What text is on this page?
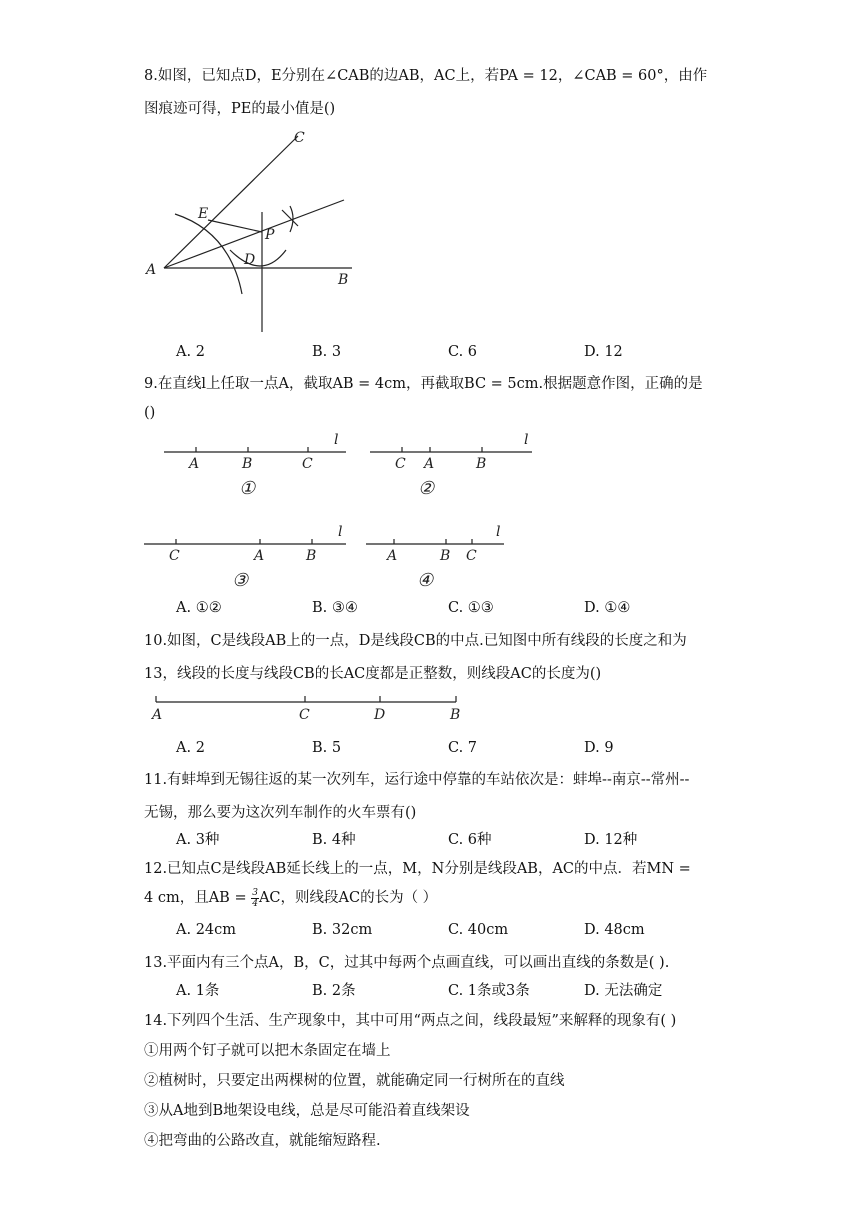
8.如图，已知点D，E分别在∠CAB的边AB，AC上，若PA = 12，∠CAB = 60°，由作
图痕迹可得，PE的最小值是()
C
E
P
A
D
B
A. 2	B. 3	C. 6	D. 12
9.在直线l上任取一点A，截取AB = 4cm，再截取BC = 5cm.根据题意作图，正确的是
()
A	B	C
l
①
C A	B
l
②
C	A	B
l
③
A	B C
l
④
A. ①②	B. ③④	C. ①③	D. ①④
10.如图，C是线段AB上的一点，D是线段CB的中点.已知图中所有线段的长度之和为
13，线段的长度与线段CB的长AC度都是正整数，则线段AC的长度为()
A	C	D	B
A. 2	B. 5	C. 7	D. 9
11.有蚌埠到无锡往返的某一次列车，运行途中停靠的车站依次是：蚌埠--南京--常州--
无锡，那么要为这次列车制作的火车票有()
A. 3种	B. 4种	C. 6种	D. 12种
12.已知点C是线段AB延长线上的一点，M，N分别是线段AB，AC的中点．若MN =
4 cm，且AB = $\frac{3}{4}$ AC，则线段AC的长为（ ）
A. 24cm	B. 32cm	C. 40cm	D. 48cm
13.平面内有三个点A，B，C，过其中每两个点画直线，可以画出直线的条数是( ).
A. 1条	B. 2条	C. 1条或3条	D. 无法确定
14.下列四个生活、生产现象中，其中可用“两点之间，线段最短”来解释的现象有( )
①用两个钉子就可以把木条固定在墙上
②植树时，只要定出两棵树的位置，就能确定同一行树所在的直线
③从A地到B地架设电线，总是尽可能沿着直线架设
④把弯曲的公路改直，就能缩短路程.
